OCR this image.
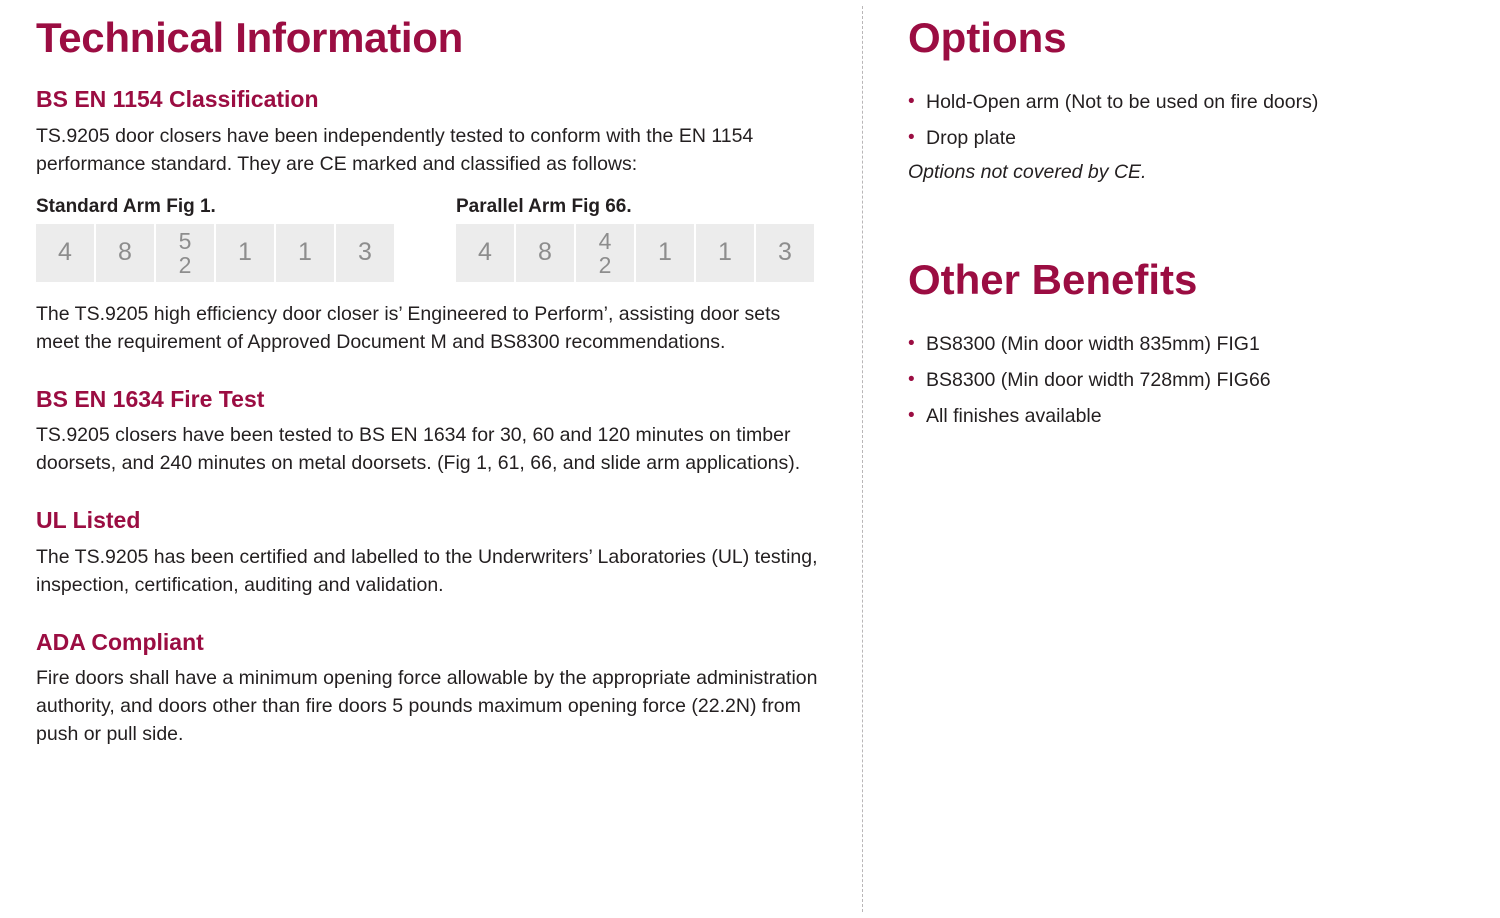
Technical Information
BS EN 1154 Classification

TS.9205 door closers have been independently tested to conform with the EN 1154 performance standard. They are CE marked and classified as follows:

Standard Arm Fig 1.	Parallel Arm Fig 66.
4 8 5
2 1 1 3	4 8 4
2 1 1 3

The TS.9205 high efficiency door closer is’ Engineered to Perform’, assisting door sets meet the requirement of Approved Document M and BS8300 recommendations.

BS EN 1634 Fire Test

TS.9205 closers have been tested to BS EN 1634 for 30, 60 and 120 minutes on timber doorsets, and 240 minutes on metal doorsets. (Fig 1, 61, 66, and slide arm applications).

UL Listed

The TS.9205 has been certified and labelled to the Underwriters’ Laboratories (UL) testing, inspection, certification, auditing and validation.

ADA Compliant

Fire doors shall have a minimum opening force allowable by the appropriate administration authority, and doors other than fire doors 5 pounds maximum opening force (22.2N) from push or pull side.

Options
• Hold-Open arm (Not to be used on fire doors)
• Drop plate

Options not covered by CE.

Other Benefits
• BS8300 (Min door width 835mm) FIG1
• BS8300 (Min door width 728mm) FIG66
• All finishes available
